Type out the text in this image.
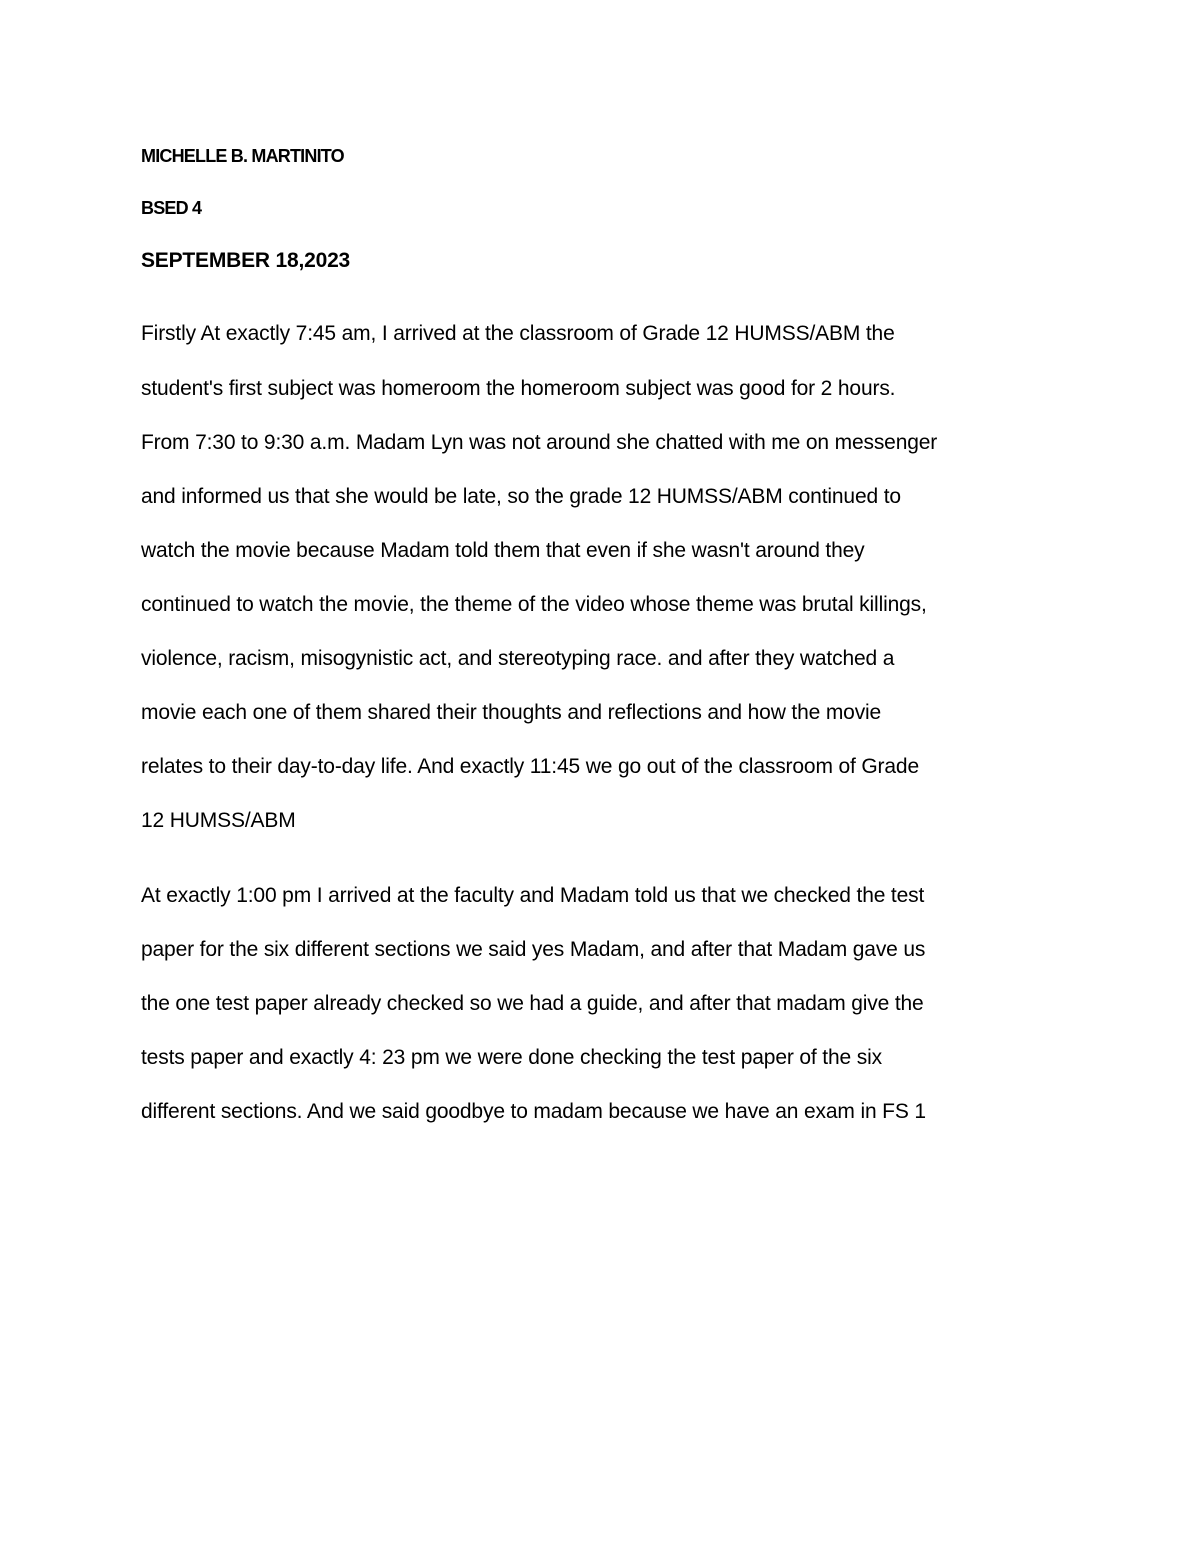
MICHELLE B. MARTINITO

BSED 4

SEPTEMBER 18,2023

Firstly At exactly 7:45 am, I arrived at the classroom of Grade 12 HUMSS/ABM the

student's first subject was homeroom the homeroom subject was good for 2 hours.

From 7:30 to 9:30 a.m. Madam Lyn was not around she chatted with me on messenger

and informed us that she would be late, so the grade 12 HUMSS/ABM continued to

watch the movie because Madam told them that even if she wasn't around they

continued to watch the movie, the theme of the video whose theme was brutal killings,

violence, racism, misogynistic act, and stereotyping race. and after they watched a

movie each one of them shared their thoughts and reflections and how the movie

relates to their day-to-day life. And exactly 11:45 we go out of the classroom of Grade

12 HUMSS/ABM

At exactly 1:00 pm I arrived at the faculty and Madam told us that we checked the test

paper for the six different sections we said yes Madam, and after that Madam gave us

the one test paper already checked so we had a guide, and after that madam give the

tests paper and exactly 4: 23 pm we were done checking the test paper of the six

different sections. And we said goodbye to madam because we have an exam in FS 1
